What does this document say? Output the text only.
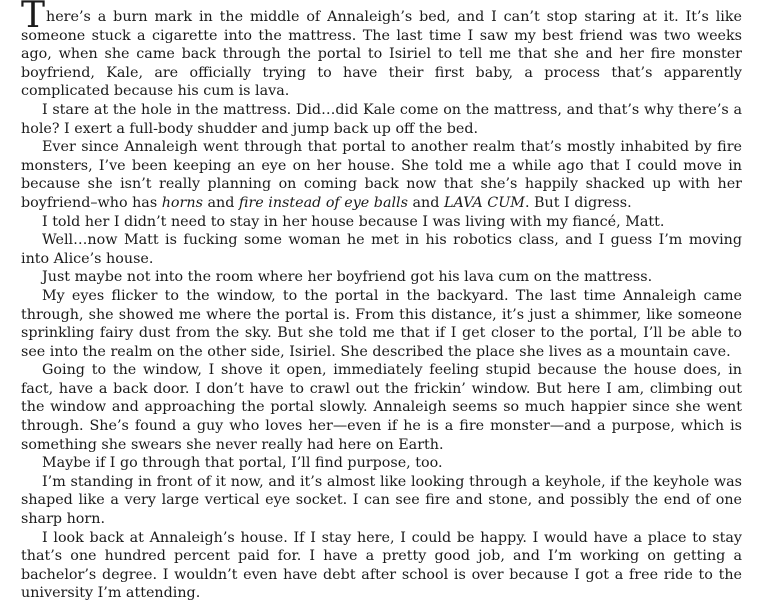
There’s a burn mark in the middle of Annaleigh’s bed, and I can’t stop staring at it. It’s like someone stuck a cigarette into the mattress. The last time I saw my best friend was two weeks ago, when she came back through the portal to Isiriel to tell me that she and her fire monster boyfriend, Kale, are officially trying to have their first baby, a process that’s apparently complicated because his cum is lava.

I stare at the hole in the mattress. Did…did Kale come on the mattress, and that’s why there’s a hole? I exert a full-body shudder and jump back up off the bed.

Ever since Annaleigh went through that portal to another realm that’s mostly inhabited by fire monsters, I’ve been keeping an eye on her house. She told me a while ago that I could move in because she isn’t really planning on coming back now that she’s happily shacked up with her boyfriend–who has horns and fire instead of eye balls and LAVA CUM. But I digress.

I told her I didn’t need to stay in her house because I was living with my fiancé, Matt.

Well…now Matt is fucking some woman he met in his robotics class, and I guess I’m moving into Alice’s house.

Just maybe not into the room where her boyfriend got his lava cum on the mattress.

My eyes flicker to the window, to the portal in the backyard. The last time Annaleigh came through, she showed me where the portal is. From this distance, it’s just a shimmer, like someone sprinkling fairy dust from the sky. But she told me that if I get closer to the portal, I’ll be able to see into the realm on the other side, Isiriel. She described the place she lives as a mountain cave.

Going to the window, I shove it open, immediately feeling stupid because the house does, in fact, have a back door. I don’t have to crawl out the frickin’ window. But here I am, climbing out the window and approaching the portal slowly. Annaleigh seems so much happier since she went through. She’s found a guy who loves her—even if he is a fire monster—and a purpose, which is something she swears she never really had here on Earth.

Maybe if I go through that portal, I’ll find purpose, too.

I’m standing in front of it now, and it’s almost like looking through a keyhole, if the keyhole was shaped like a very large vertical eye socket. I can see fire and stone, and possibly the end of one sharp horn.

I look back at Annaleigh’s house. If I stay here, I could be happy. I would have a place to stay that’s one hundred percent paid for. I have a pretty good job, and I’m working on getting a bachelor’s degree. I wouldn’t even have debt after school is over because I got a free ride to the university I’m attending.
